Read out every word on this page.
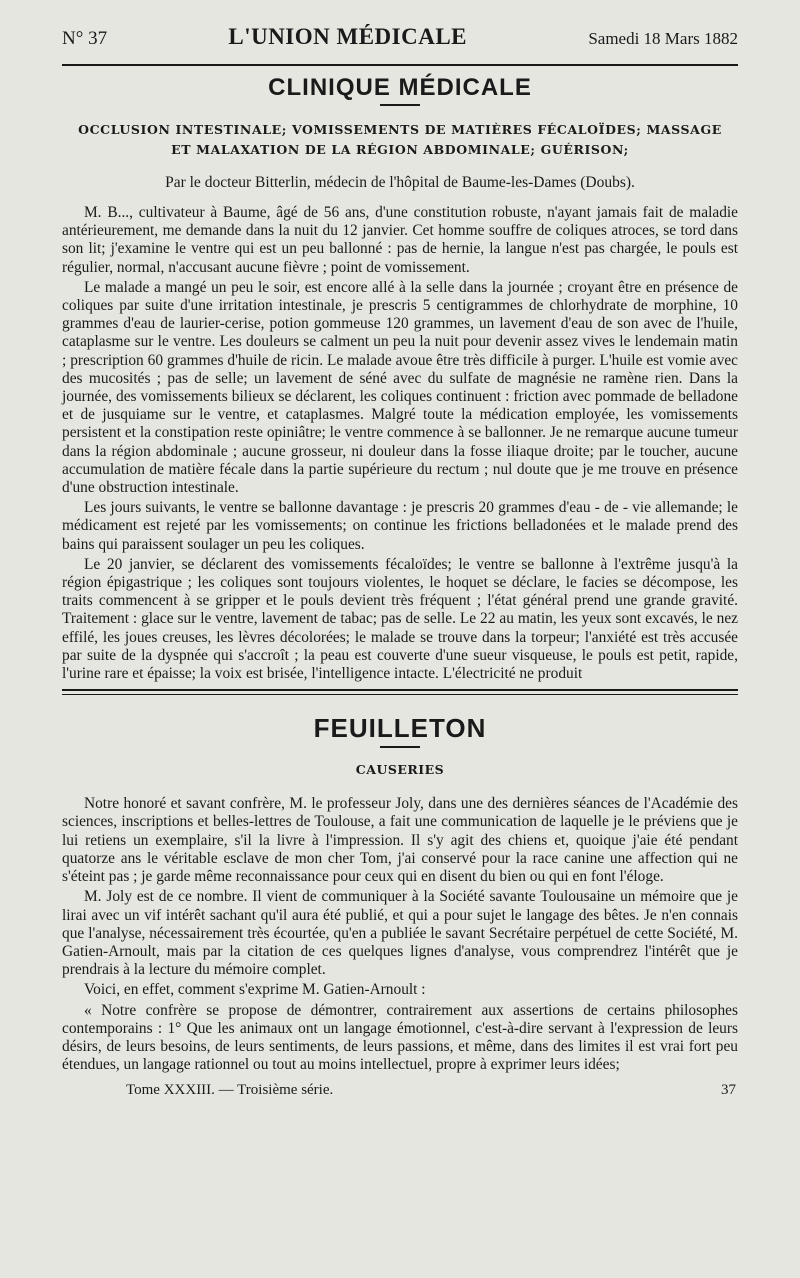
N° 37	L'UNION MÉDICALE	Samedi 18 Mars 1882
CLINIQUE MÉDICALE
OCCLUSION INTESTINALE; VOMISSEMENTS DE MATIÈRES FÉCALOÏDES; MASSAGE
ET MALAXATION DE LA RÉGION ABDOMINALE; GUÉRISON;
Par le docteur Bitterlin, médecin de l'hôpital de Baume-les-Dames (Doubs).

M. B..., cultivateur à Baume, âgé de 56 ans, d'une constitution robuste, n'ayant jamais fait de maladie antérieurement, me demande dans la nuit du 12 janvier. Cet homme souffre de coliques atroces, se tord dans son lit; j'examine le ventre qui est un peu ballonné : pas de hernie, la langue n'est pas chargée, le pouls est régulier, normal, n'accusant aucune fièvre ; point de vomissement.

Le malade a mangé un peu le soir, est encore allé à la selle dans la journée ; croyant être en présence de coliques par suite d'une irritation intestinale, je prescris 5 centigrammes de chlorhydrate de morphine, 10 grammes d'eau de laurier-cerise, potion gommeuse 120 grammes, un lavement d'eau de son avec de l'huile, cataplasme sur le ventre. Les douleurs se calment un peu la nuit pour devenir assez vives le lendemain matin ; prescription 60 grammes d'huile de ricin. Le malade avoue être très difficile à purger. L'huile est vomie avec des mucosités ; pas de selle; un lavement de séné avec du sulfate de magnésie ne ramène rien. Dans la journée, des vomissements bilieux se déclarent, les coliques continuent : friction avec pommade de belladone et de jusquiame sur le ventre, et cataplasmes. Malgré toute la médication employée, les vomissements persistent et la constipation reste opiniâtre; le ventre commence à se ballonner. Je ne remarque aucune tumeur dans la région abdominale ; aucune grosseur, ni douleur dans la fosse iliaque droite; par le toucher, aucune accumulation de matière fécale dans la partie supérieure du rectum ; nul doute que je me trouve en présence d'une obstruction intestinale.

Les jours suivants, le ventre se ballonne davantage : je prescris 20 grammes d'eau - de - vie allemande; le médicament est rejeté par les vomissements; on continue les frictions belladonées et le malade prend des bains qui paraissent soulager un peu les coliques.

Le 20 janvier, se déclarent des vomissements fécaloïdes; le ventre se ballonne à l'extrême jusqu'à la région épigastrique ; les coliques sont toujours violentes, le hoquet se déclare, le facies se décompose, les traits commencent à se gripper et le pouls devient très fréquent ; l'état général prend une grande gravité. Traitement : glace sur le ventre, lavement de tabac; pas de selle. Le 22 au matin, les yeux sont excavés, le nez effilé, les joues creuses, les lèvres décolorées; le malade se trouve dans la torpeur; l'anxiété est très accusée par suite de la dyspnée qui s'accroît ; la peau est couverte d'une sueur visqueuse, le pouls est petit, rapide, l'urine rare et épaisse; la voix est brisée, l'intelligence intacte. L'électricité ne produit

FEUILLETON
CAUSERIES

Notre honoré et savant confrère, M. le professeur Joly, dans une des dernières séances de l'Académie des sciences, inscriptions et belles-lettres de Toulouse, a fait une communication de laquelle je le préviens que je lui retiens un exemplaire, s'il la livre à l'impression. Il s'y agit des chiens et, quoique j'aie été pendant quatorze ans le véritable esclave de mon cher Tom, j'ai conservé pour la race canine une affection qui ne s'éteint pas ; je garde même reconnaissance pour ceux qui en disent du bien ou qui en font l'éloge.

M. Joly est de ce nombre. Il vient de communiquer à la Société savante Toulousaine un mémoire que je lirai avec un vif intérêt sachant qu'il aura été publié, et qui a pour sujet le langage des bêtes. Je n'en connais que l'analyse, nécessairement très écourtée, qu'en a publiée le savant Secrétaire perpétuel de cette Société, M. Gatien-Arnoult, mais par la citation de ces quelques lignes d'analyse, vous comprendrez l'intérêt que je prendrais à la lecture du mémoire complet.

Voici, en effet, comment s'exprime M. Gatien-Arnoult :

« Notre confrère se propose de démontrer, contrairement aux assertions de certains philosophes contemporains : 1° Que les animaux ont un langage émotionnel, c'est-à-dire servant à l'expression de leurs désirs, de leurs besoins, de leurs sentiments, de leurs passions, et même, dans des limites il est vrai fort peu étendues, un langage rationnel ou tout au moins intellectuel, propre à exprimer leurs idées;

Tome XXXIII. — Troisième série.	37
